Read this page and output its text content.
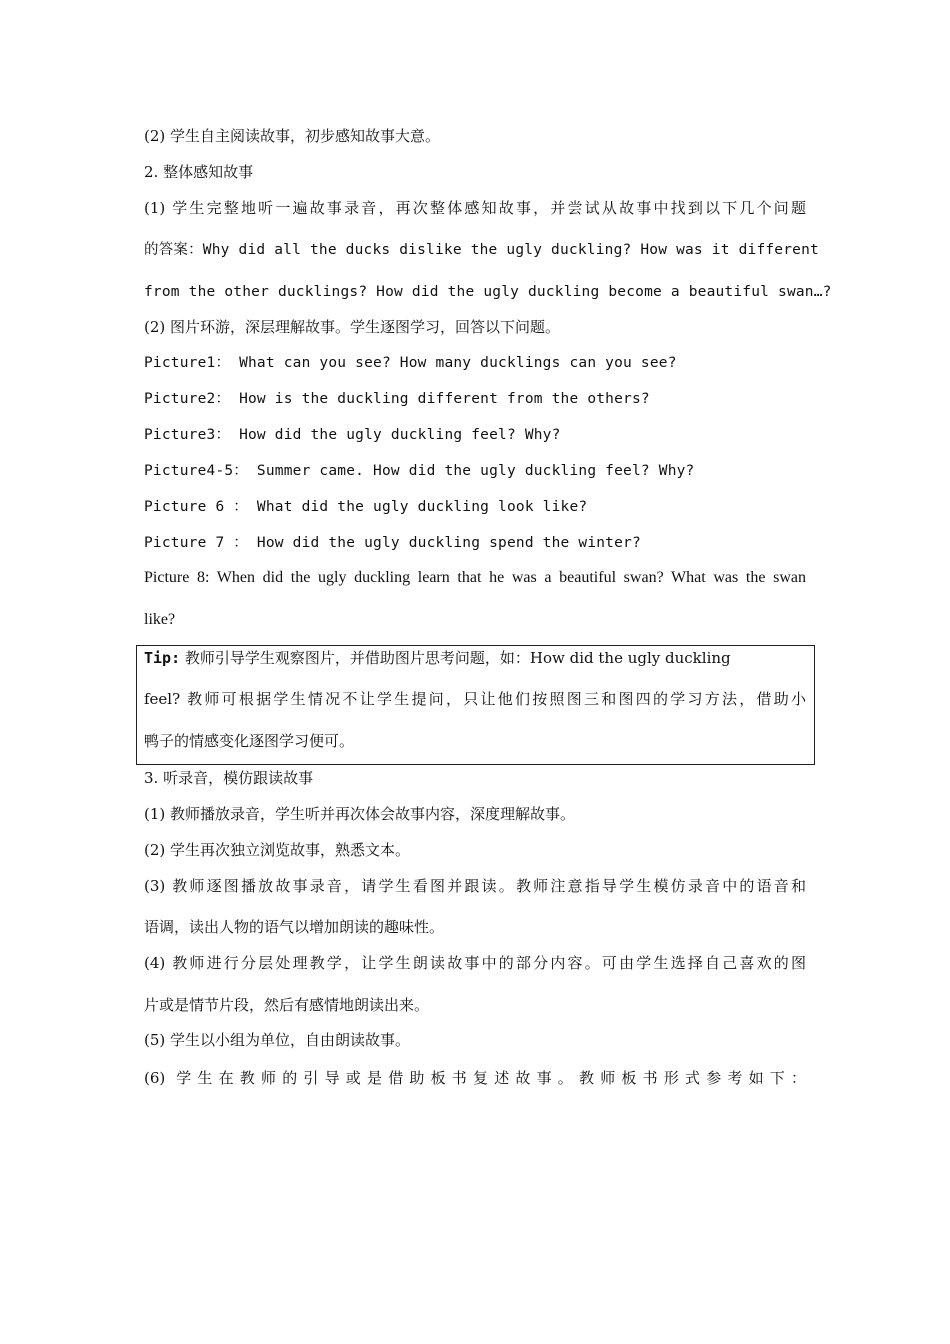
(2) 学生自主阅读故事，初步感知故事大意。
2. 整体感知故事
(1) 学生完整地听一遍故事录音，再次整体感知故事，并尝试从故事中找到以下几个问题
的答案：Why did all the ducks dislike the ugly duckling? How was it different
from the other ducklings? How did the ugly duckling become a beautiful swan…?
(2) 图片环游，深层理解故事。学生逐图学习，回答以下问题。
Picture1： What can you see? How many ducklings can you see?
Picture2： How is the duckling different from the others?
Picture3： How did the ugly duckling feel? Why?
Picture4-5： Summer came. How did the ugly duckling feel? Why?
Picture 6 ： What did the ugly duckling look like?
Picture 7 ： How did the ugly duckling spend the winter?
Picture 8: When did the ugly duckling learn that he was a beautiful swan? What was the swan
like?
Tip: 教师引导学生观察图片，并借助图片思考问题，如：How did the ugly duckling
feel? 教师可根据学生情况不让学生提问，只让他们按照图三和图四的学习方法，借助小
鸭子的情感变化逐图学习便可。
3. 听录音，模仿跟读故事
(1) 教师播放录音，学生听并再次体会故事内容，深度理解故事。
(2) 学生再次独立浏览故事，熟悉文本。
(3) 教师逐图播放故事录音，请学生看图并跟读。教师注意指导学生模仿录音中的语音和
语调，读出人物的语气以增加朗读的趣味性。
(4) 教师进行分层处理教学，让学生朗读故事中的部分内容。可由学生选择自己喜欢的图
片或是情节片段，然后有感情地朗读出来。
(5) 学生以小组为单位，自由朗读故事。
(6) 学生在教师的引导或是借助板书复述故事。教师板书形式参考如下：
